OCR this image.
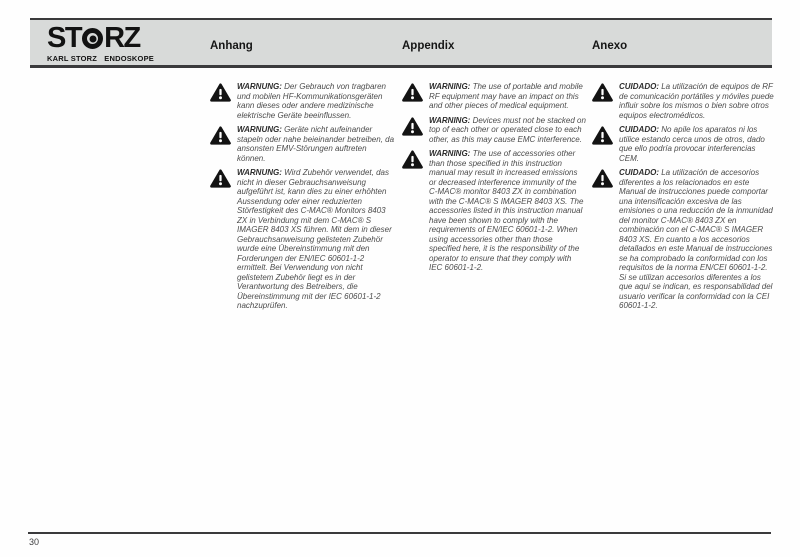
ST RZ
KARL STORZ ENDOSKOPE
Anhang	Appendix	Anexo
WARNUNG: Der Gebrauch von tragbaren und mobilen HF-Kommunikationsgeräten kann dieses oder andere medizinische elektrische Geräte beeinflussen.
WARNUNG: Geräte nicht aufeinander stapeln oder nahe beieinander betreiben, da ansonsten EMV-Störungen auftreten können.
WARNUNG: Wird Zubehör verwendet, das nicht in dieser Gebrauchsanweisung aufgeführt ist, kann dies zu einer erhöhten Aussendung oder einer reduzierten Störfestigkeit des C-MAC® Monitors 8403 ZX in Verbindung mit dem C-MAC® S IMAGER 8403 XS führen. Mit dem in dieser Gebrauchsanweisung gelisteten Zubehör wurde eine Übereinstimmung mit den Forderungen der EN/IEC 60601-1-2 ermittelt. Bei Verwendung von nicht gelistetem Zubehör liegt es in der Verantwortung des Betreibers, die Übereinstimmung mit der IEC 60601-1-2 nachzuprüfen.
WARNING: The use of portable and mobile RF equipment may have an impact on this and other pieces of medical equipment.
WARNING: Devices must not be stacked on top of each other or operated close to each other, as this may cause EMC interference.
WARNING: The use of accessories other than those specified in this instruction manual may result in increased emissions or decreased interference immunity of the C-MAC® monitor 8403 ZX in combination with the C-MAC® S IMAGER 8403 XS. The accessories listed in this instruction manual have been shown to comply with the requirements of EN/IEC 60601-1-2. When using accessories other than those specified here, it is the responsibility of the operator to ensure that they comply with IEC 60601-1-2.
CUIDADO: La utilización de equipos de RF de comunicación portátiles y móviles puede influir sobre los mismos o bien sobre otros equipos electromédicos.
CUIDADO: No apile los aparatos ni los utilice estando cerca unos de otros, dado que ello podría provocar interferencias CEM.
CUIDADO: La utilización de accesorios diferentes a los relacionados en este Manual de instrucciones puede comportar una intensificación excesiva de las emisiones o una reducción de la inmunidad del monitor C-MAC® 8403 ZX en combinación con el C-MAC® S IMAGER 8403 XS. En cuanto a los accesorios detallados en este Manual de instrucciones se ha comprobado la conformidad con los requisitos de la norma EN/CEI 60601-1-2. Si se utilizan accesorios diferentes a los que aquí se indican, es responsabilidad del usuario verificar la conformidad con la CEI 60601-1-2.
30
